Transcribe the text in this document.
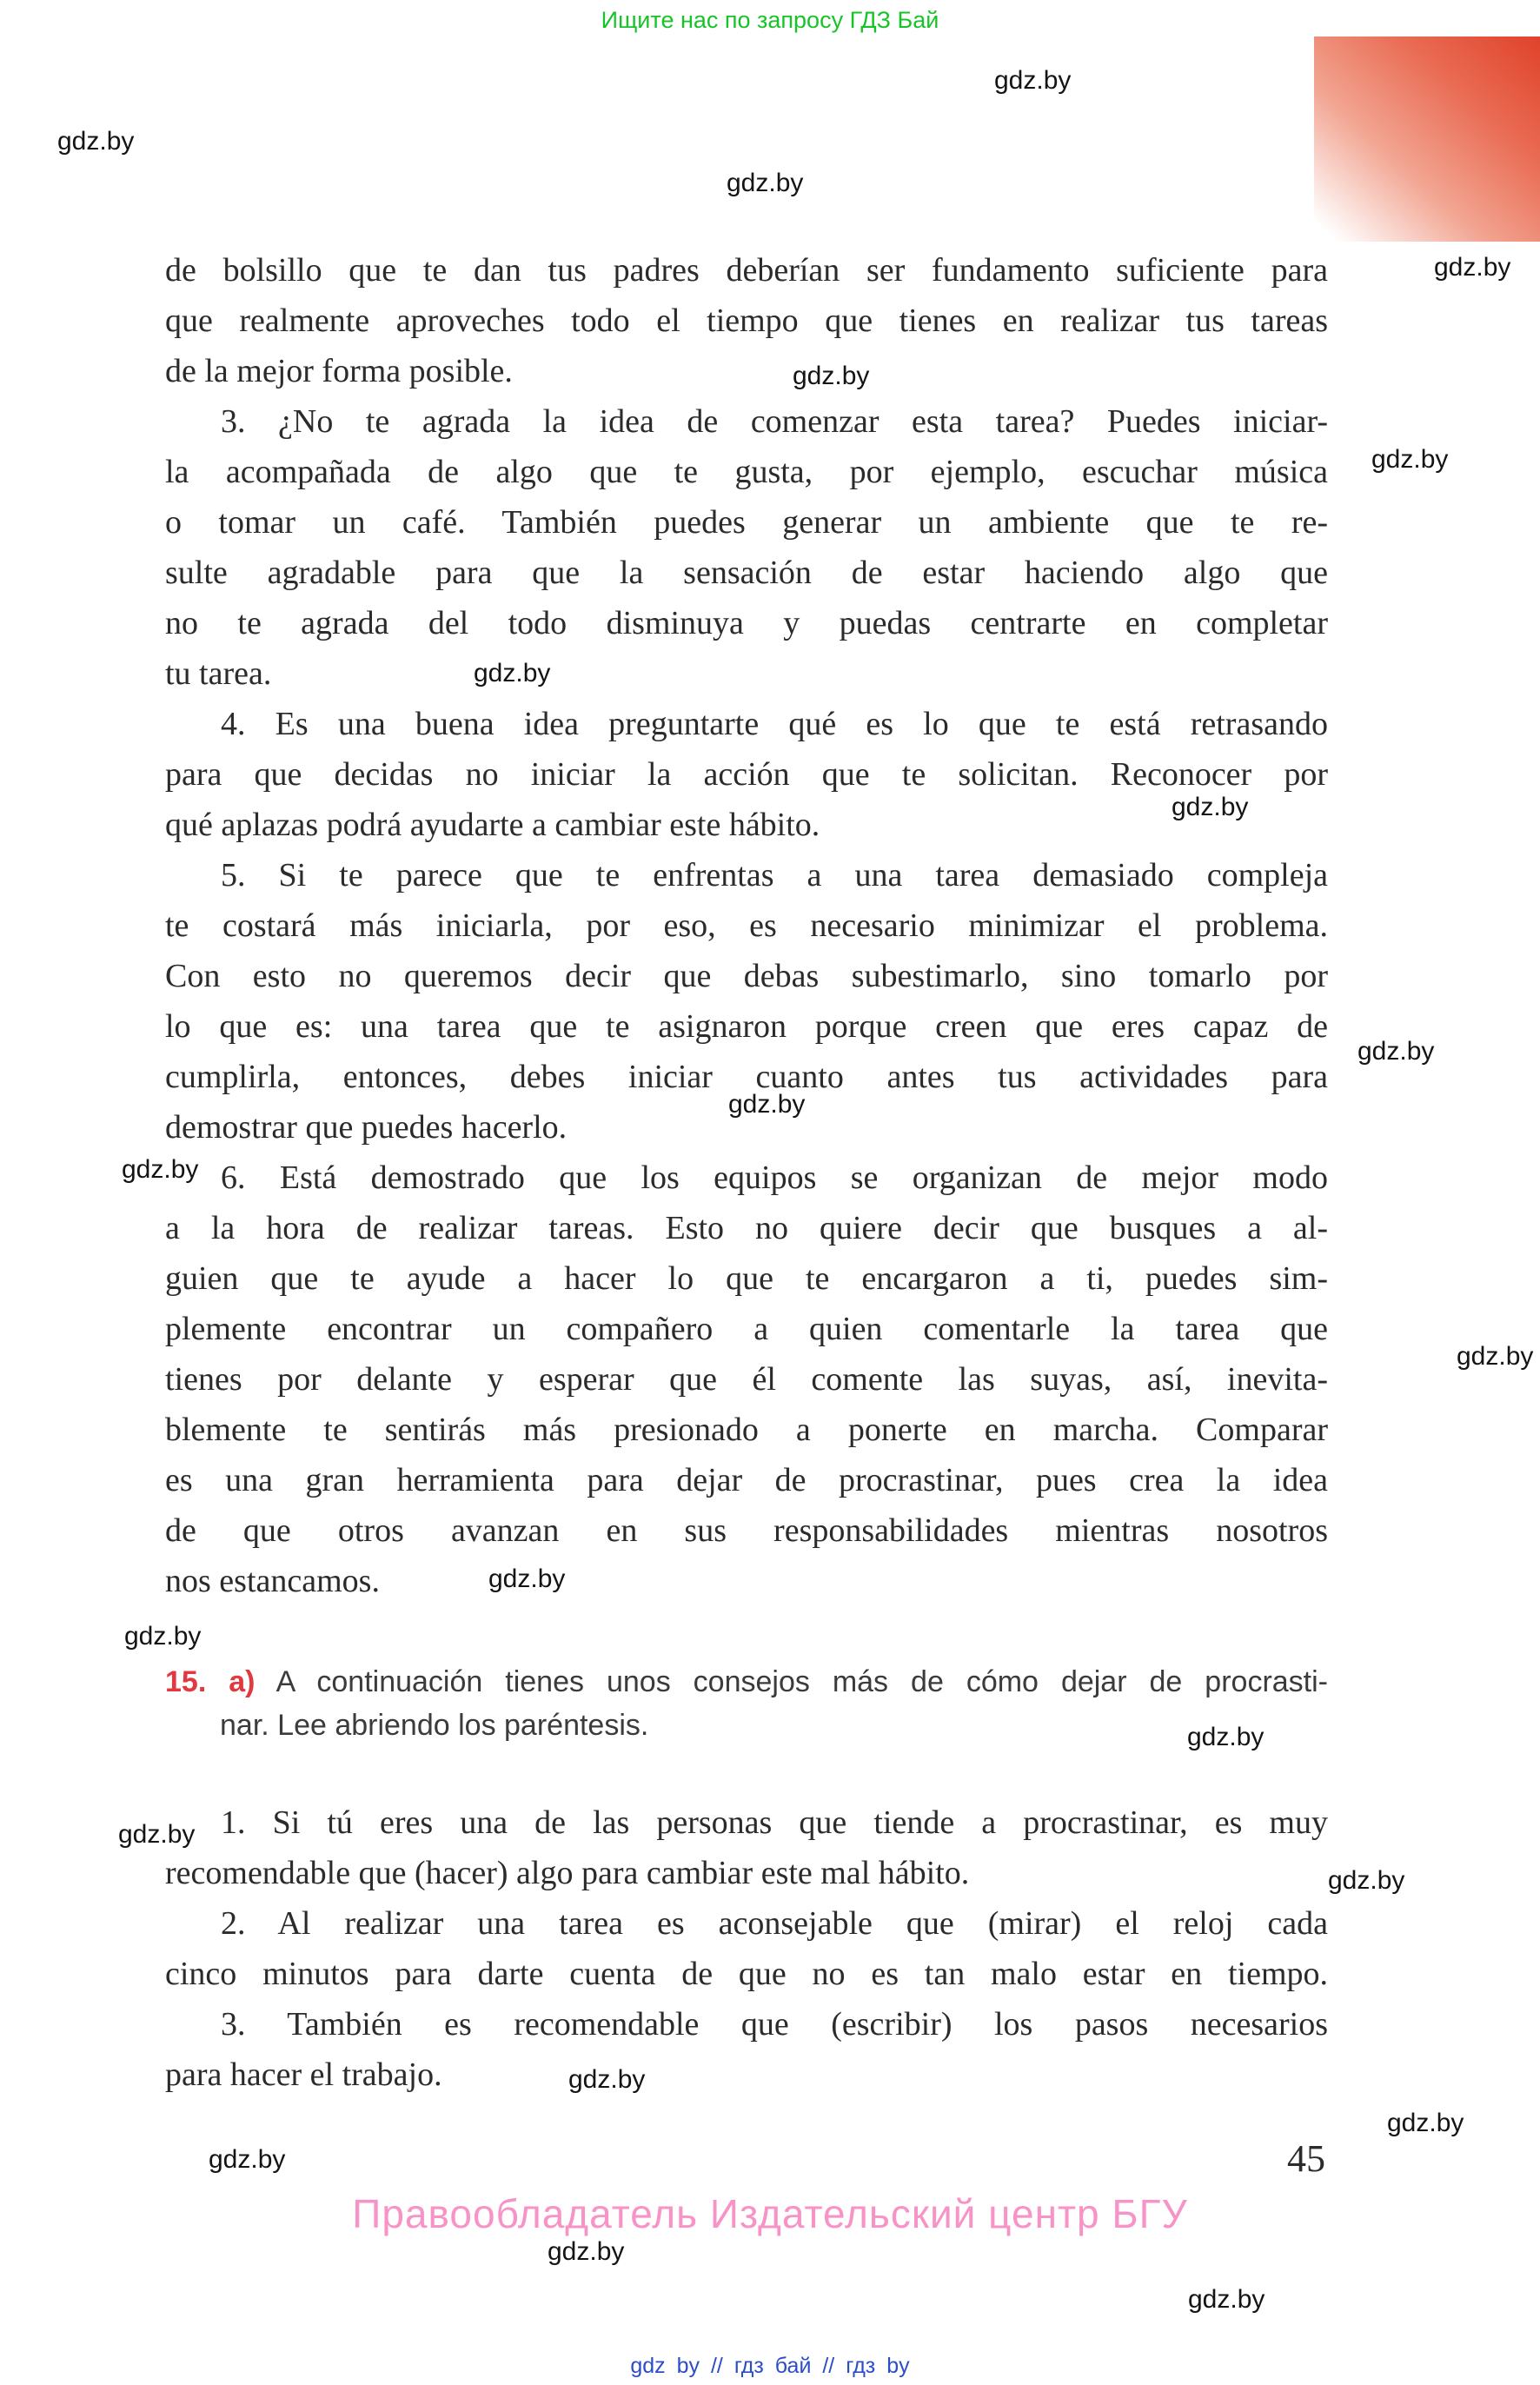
Ищите нас по запросу ГДЗ Бай
gdz.by
gdz.by
gdz.by
gdz.by
gdz.by
gdz.by
gdz.by
gdz.by
gdz.by
gdz.by
gdz.by
gdz.by
gdz.by
gdz.by
gdz.by
gdz.by
gdz.by
gdz.by
gdz.by
gdz.by
gdz.by
gdz.by
de bolsillo que te dan tus padres deberían ser fundamento suficiente para
que realmente aproveches todo el tiempo que tienes en realizar tus tareas
de la mejor forma posible.
3. ¿No te agrada la idea de comenzar esta tarea? Puedes iniciar-
la acompañada de algo que te gusta, por ejemplo, escuchar música
o tomar un café. También puedes generar un ambiente que te re-
sulte agradable para que la sensación de estar haciendo algo que
no te agrada del todo disminuya y puedas centrarte en completar
tu tarea.
4. Es una buena idea preguntarte qué es lo que te está retrasando
para que decidas no iniciar la acción que te solicitan. Reconocer por
qué aplazas podrá ayudarte a cambiar este hábito.
5. Si te parece que te enfrentas a una tarea demasiado compleja
te costará más iniciarla, por eso, es necesario minimizar el problema.
Con esto no queremos decir que debas subestimarlo, sino tomarlo por
lo que es: una tarea que te asignaron porque creen que eres capaz de
cumplirla, entonces, debes iniciar cuanto antes tus actividades para
demostrar que puedes hacerlo.
6. Está demostrado que los equipos se organizan de mejor modo
a la hora de realizar tareas. Esto no quiere decir que busques a al-
guien que te ayude a hacer lo que te encargaron a ti, puedes sim-
plemente encontrar un compañero a quien comentarle la tarea que
tienes por delante y esperar que él comente las suyas, así, inevita-
blemente te sentirás más presionado a ponerte en marcha. Comparar
es una gran herramienta para dejar de procrastinar, pues crea la idea
de que otros avanzan en sus responsabilidades mientras nosotros
nos estancamos.
15. a) A continuación tienes unos consejos más de cómo dejar de procrasti-
nar. Lee abriendo los paréntesis.
1. Si tú eres una de las personas que tiende a procrastinar, es muy
recomendable que (hacer) algo para cambiar este mal hábito.
2. Al realizar una tarea es aconsejable que (mirar) el reloj cada
cinco minutos para darte cuenta de que no es tan malo estar en tiempo.
3. También es recomendable que (escribir) los pasos necesarios
para hacer el trabajo.
45
Правообладатель Издательский центр БГУ
gdz by // гдз бай // гдз by
